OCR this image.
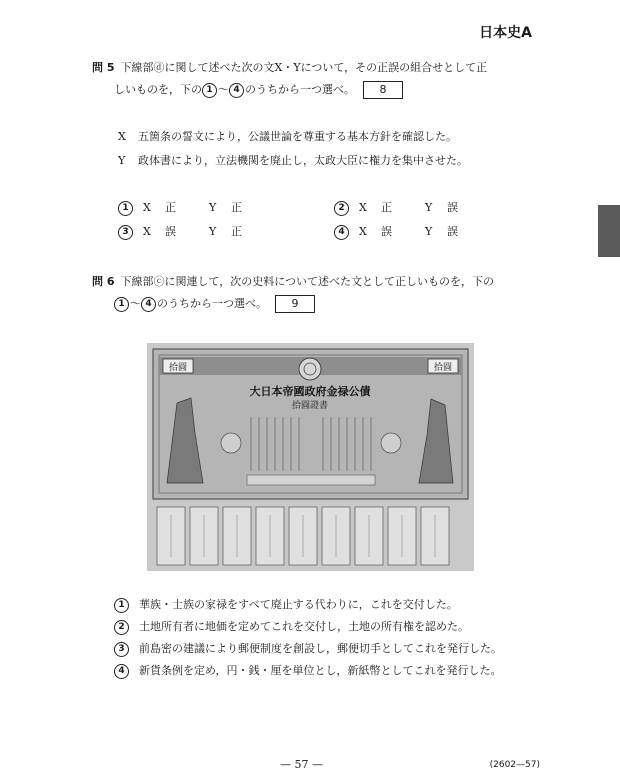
日本史A
問 5 下線部ⓓに関して述べた次の文X・Yについて，その正誤の組合せとして正
しいものを，下の 1 ～ 4 のうちから一つ選べ。 8
X 五箇条の誓文により，公議世論を尊重する基本方針を確認した。
Y 政体書により，立法機関を廃止し，太政大臣に権力を集中させた。
1 X 正	Y 正	2 X 正	Y 誤
3 X 誤	Y 正	4 X 誤	Y 誤
問 6 下線部ⓒに関連して，次の史料について述べた文として正しいものを，下の
1 ～ 4 のうちから一つ選べ。 9
拾圓	拾圓
大日本帝國政府金禄公債
拾圓證書
1 華族・士族の家禄をすべて廃止する代わりに，これを交付した。
2 土地所有者に地価を定めてこれを交付し，土地の所有権を認めた。
3 前島密の建議により郵便制度を創設し，郵便切手としてこれを発行した。
4 新貨条例を定め，円・銭・厘を単位とし，新紙幣としてこれを発行した。
— 57 —	(2602—57)
